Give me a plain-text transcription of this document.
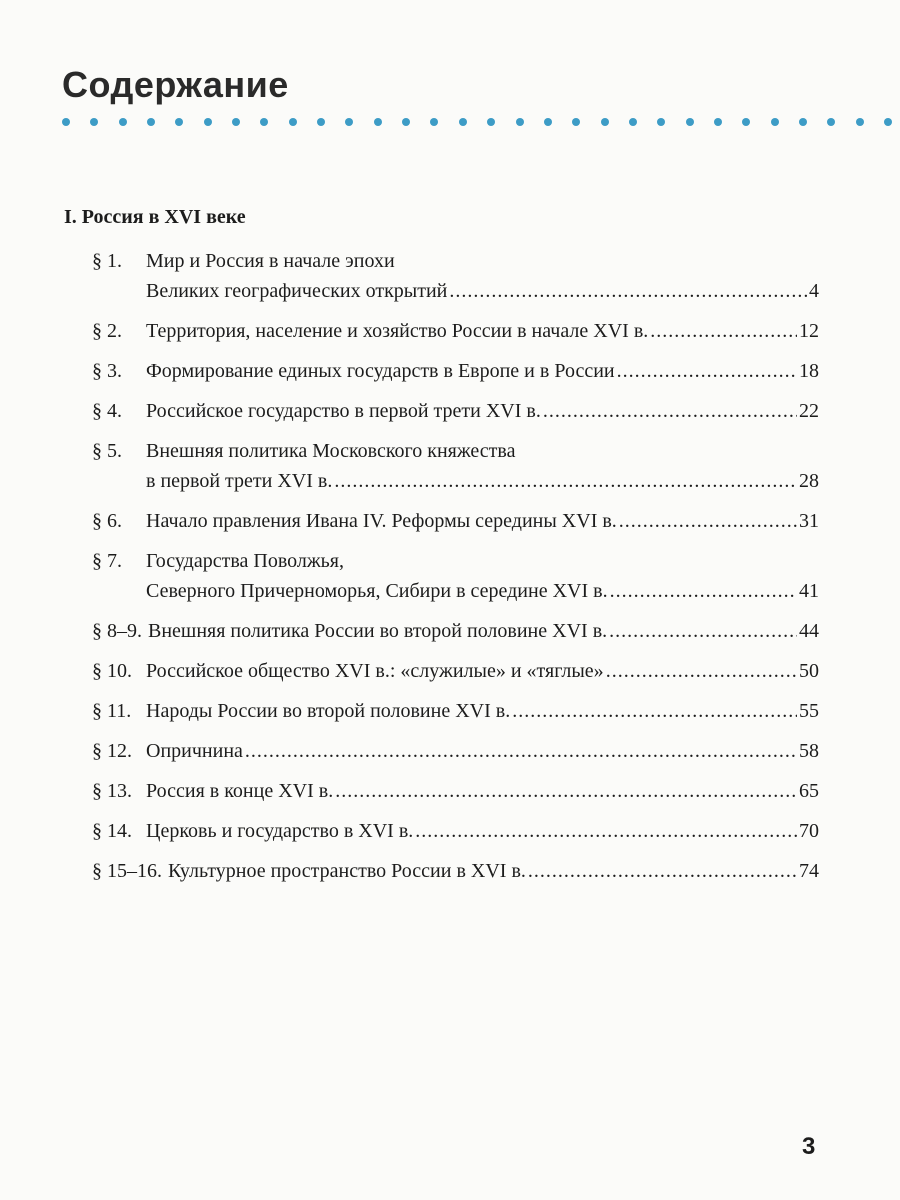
Содержание
I. Россия в XVI веке
§ 1.	Мир и Россия в начале эпохи
Великих географических открытий .....	4
§ 2.	Территория, население и хозяйство России в начале XVI в. .....	12
§ 3.	Формирование единых государств в Европе и в России .....	18
§ 4.	Российское государство в первой трети XVI в. .....	22
§ 5.	Внешняя политика Московского княжества
в первой трети XVI в. .....	28
§ 6.	Начало правления Ивана IV. Реформы середины XVI в. .....	31
§ 7.	Государства Поволжья,
Северного Причерноморья, Сибири в середине XVI в. .....	41
§ 8–9. Внешняя политика России во второй половине XVI в. .....	44
§ 10. Российское общество XVI в.: «служилые» и «тяглые» .....	50
§ 11. Народы России во второй половине XVI в. .....	55
§ 12. Опричнина .....	58
§ 13. Россия в конце XVI в. .....	65
§ 14. Церковь и государство в XVI в. .....	70
§ 15–16. Культурное пространство России в XVI в. .....	74
3
